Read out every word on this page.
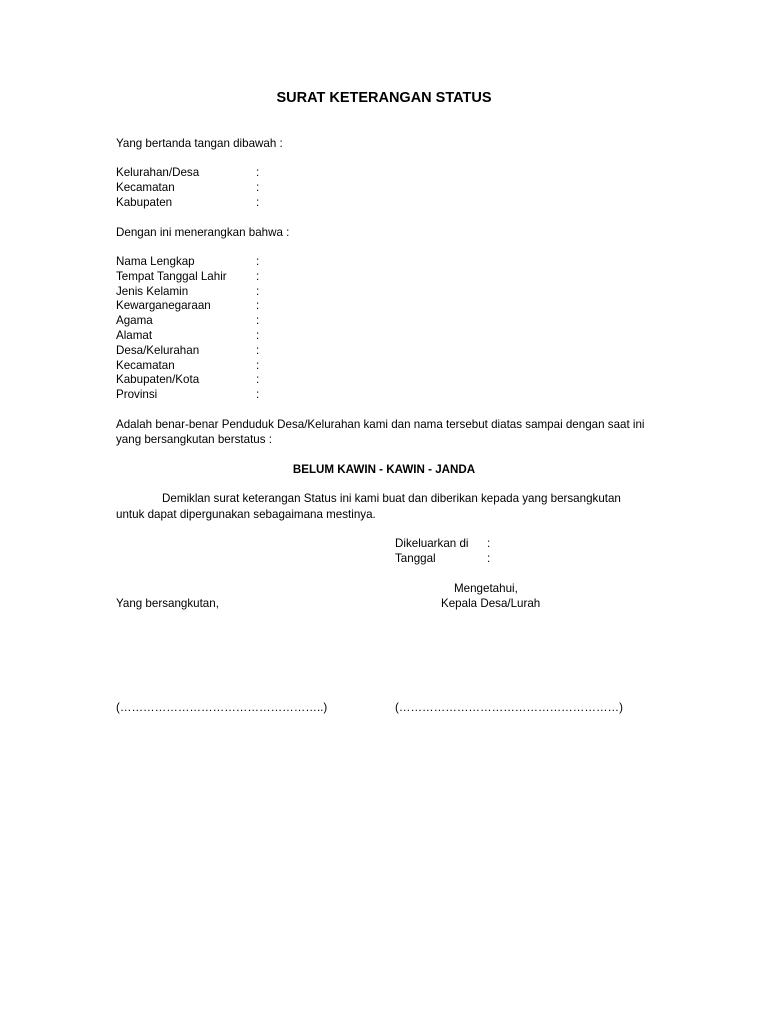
SURAT KETERANGAN STATUS
Yang bertanda tangan dibawah :
Kelurahan/Desa	:
Kecamatan	:
Kabupaten	:
Dengan ini menerangkan bahwa :
Nama Lengkap	:
Tempat Tanggal Lahir	:
Jenis Kelamin	:
Kewarganegaraan	:
Agama	:
Alamat	:
Desa/Kelurahan	:
Kecamatan	:
Kabupaten/Kota	:
Provinsi	:
Adalah benar-benar Penduduk Desa/Kelurahan kami dan nama tersebut diatas sampai dengan saat ini
yang bersangkutan berstatus :
BELUM KAWIN - KAWIN - JANDA
Demiklan surat keterangan Status ini kami buat dan diberikan kepada yang bersangkutan
untuk dapat dipergunakan sebagaimana mestinya.
Dikeluarkan di :
Tanggal	:
Mengetahui,
Yang bersangkutan,	Kepala Desa/Lurah
(……………………………………………..)	(…………………………………………………)
